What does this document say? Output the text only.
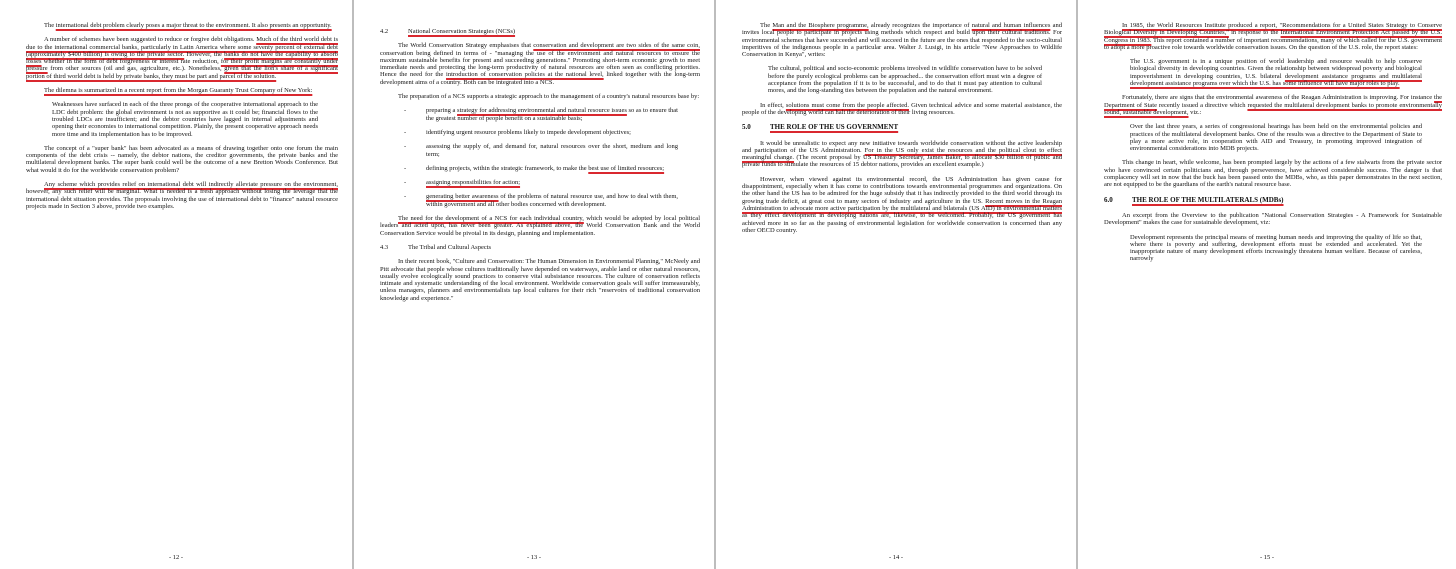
The international debt problem clearly poses a major threat to the environment. It also presents an opportunity.

A number of schemes have been suggested to reduce or forgive debt obligations. Much of the third world debt is due to the international commercial banks, particularly in Latin America where some seventy percent of external debt (approximately $400 billion) is owing to the private sector. However, the banks do not have the capability to absorb losses whether in the form of debt forgiveness or interest rate reduction, for their profit margins are constantly under pressure from other sources (oil and gas, agriculture, etc.). Nonetheless, given that the lion's share of a significant portion of third world debt is held by private banks, they must be part and parcel of the solution.

The dilemna is summarized in a recent report from the Morgan Guaranty Trust Company of New York:

Weaknesses have surfaced in each of the three prongs of the cooperative international approach to the LDC debt problem: the global environment is not as supportive as it could be; financial flows to the troubled LDCs are insufficient; and the debtor countries have lagged in internal adjustments and opening their economies to international competition. Plainly, the present cooperative approach needs more time and its implementation has to be improved.

The concept of a "super bank" has been advocated as a means of drawing together onto one forum the main components of the debt crisis -- namely, the debtor nations, the creditor governments, the private banks and the multilateral development banks. The super bank could well be the outcome of a new Bretton Woods Conference. But what would it do for the worldwide conservation problem?

Any scheme which provides relief on international debt will indirectly alleviate pressure on the environment, however, any such relief will be marginal. What is needed is a fresh approach without losing the leverage that the international debt situation provides. The proposals involving the use of international debt to "finance" natural resource projects made in Section 3 above, provide two examples.

- 12 -
4.2	National Conservation Strategies (NCSs)

The World Conservation Strategy emphasises that conservation and development are two sides of the same coin, conservation being defined in terms of - "managing the use of the environment and natural resources to ensure the maximum sustainable benefits for present and succeeding generations." Promoting short-term economic growth to meet immediate needs and protecting the long-term productivity of natural resources are often seen as conflicting priorities. Hence the need for the introduction of conservation policies at the national level, linked together with the long-term development aims of a country. Both can be integrated into a NCS.

The preparation of a NCS supports a strategic approach to the management of a country's natural resources base by:

- preparing a strategy for addressing environmental and natural resource issues so as to ensure that the greatest number of people benefit on a sustainable basis;
- identifying urgent resource problems likely to impede development objectives;
- assessing the supply of, and demand for, natural resources over the short, medium and long term;
- defining projects, within the strategic framework, to make the best use of limited resources;
- assigning responsibilities for action;
- generating better awareness of the problems of natural resource use, and how to deal with them, within government and all other bodies concerned with development.

The need for the development of a NCS for each individual country, which would be adopted by local political leaders and acted upon, has never been greater. As explained above, the World Conservation Bank and the World Conservation Service would be pivotal in its design, planning and implementation.

4.3	The Tribal and Cultural Aspects

In their recent book, "Culture and Conservation: The Human Dimension in Environmental Planning," McNeely and Pitt advocate that people whose cultures traditionally have depended on waterways, arable land or other natural resources, usually evolve ecologically sound practices to conserve vital subsistance resources. The culture of conservation reflects intimate and systematic understanding of the local environment. Worldwide conservation goals will suffer immeasurably, unless managers, planners and environmentalists tap local cultures for their rich "reservoirs of traditional conservation knowledge and experience."

- 13 -

The Man and the Biosphere programme, already recognizes the importance of natural and human influences and invites local people to participate in projects using methods which respect and build upon their cultural traditions. For environmental schemes that have succeeded and will succeed in the future are the ones that responded to the socio-cultural imperitives of the indigenous people in a particular area. Walter J. Lusigi, in his article "New Approaches to Wildlife Conservation in Kenya", writes:

The cultural, political and socio-economic problems involved in wildlife conservation have to be solved before the purely ecological problems can be approached... the conservation effort must win a degree of acceptance from the population if it is to be successful, and to do that it must pay attention to cultural mores, and the long-standing ties between the population and the natural environment.

In effect, solutions must come from the people affected. Given technical advice and some material assistance, the people of the developing world can halt the deterioration of their living resources.

5.0	THE ROLE OF THE US GOVERNMENT

It would be unrealistic to expect any new initiative towards worldwide conservation without the active leadership and participation of the US Administration. For in the US only exist the resources and the political clout to effect meaningful change. (The recent proposal by US Treasury Secretary, James Baker, to allocate $30 billion of public and private funds to stimulate the resources of 15 debtor nations, provides an excellent example.)

However, when viewed against its environmental record, the US Administration has given cause for disappointment, especially when it has come to contributions towards environmental programmes and organizations. On the other hand the US has to be admired for the huge subsidy that it has indirectly provided to the third world through its growing trade deficit, at great cost to many sectors of industry and agriculture in the US. Recent moves in the Reagan Administration to advocate more active participation by the multilateral and bilaterals (US AID) in environmental matters as they effect development in developing nations are, likewise, to be welcomed. Probably, the US government has achieved more in so far as the passing of environmental legislation for worldwide conservation is concerned than any other OECD country.

- 14 -

In 1985, the World Resources Institute produced a report, "Recommendations for a United States Strategy to Conserve Biological Diversity in Developing Countries," in response to the International Environment Protection Act passed by the U.S. Congress in 1983. This report contained a number of important recommendations, many of which called for the U.S. government to adopt a more proactive role towards worldwide conservation issues. On the question of the U.S. role, the report states:

The U.S. government is in a unique position of world leadership and resource wealth to help conserve biological diversity in developing countries. Given the relationship between widespread poverty and biological impoverishment in developing countries, U.S. bilateral development assistance programs and multilateral development assistance programs over which the U.S. has some influence will have major roles to play.

Fortunately, there are signs that the environmental awareness of the Reagan Administration is improving. For instance the Department of State recently issued a directive which requested the multilateral development banks to promote environmentally sound, sustainable development, viz.:

Over the last three years, a series of congressional hearings has been held on the environmental policies and practices of the multilateral development banks. One of the results was a directive to the Department of State to play a more active role, in cooperation with AID and Treasury, in promoting improved integration of environmental considerations into MDB projects.

This change in heart, while welcome, has been prompted largely by the actions of a few stalwarts from the private sector who have convinced certain politicians and, through perseverence, have achieved considerable success. The danger is that complacency will set in now that the buck has been passed onto the MDBs, who, as this paper demonstrates in the next section, are not equipped to be the guardians of the earth's natural resource base.

6.0	THE ROLE OF THE MULTILATERALS (MDBs)

An excerpt from the Overview to the publication "National Conservation Strategies - A Framework for Sustainable Development" makes the case for sustainable development, viz:

Development represents the principal means of meeting human needs and improving the quality of life so that, where there is poverty and suffering, development efforts must be extended and accelerated. Yet the inappropriate nature of many development efforts increasingly threatens human welfare. Because of careless, narrowly

- 15 -
